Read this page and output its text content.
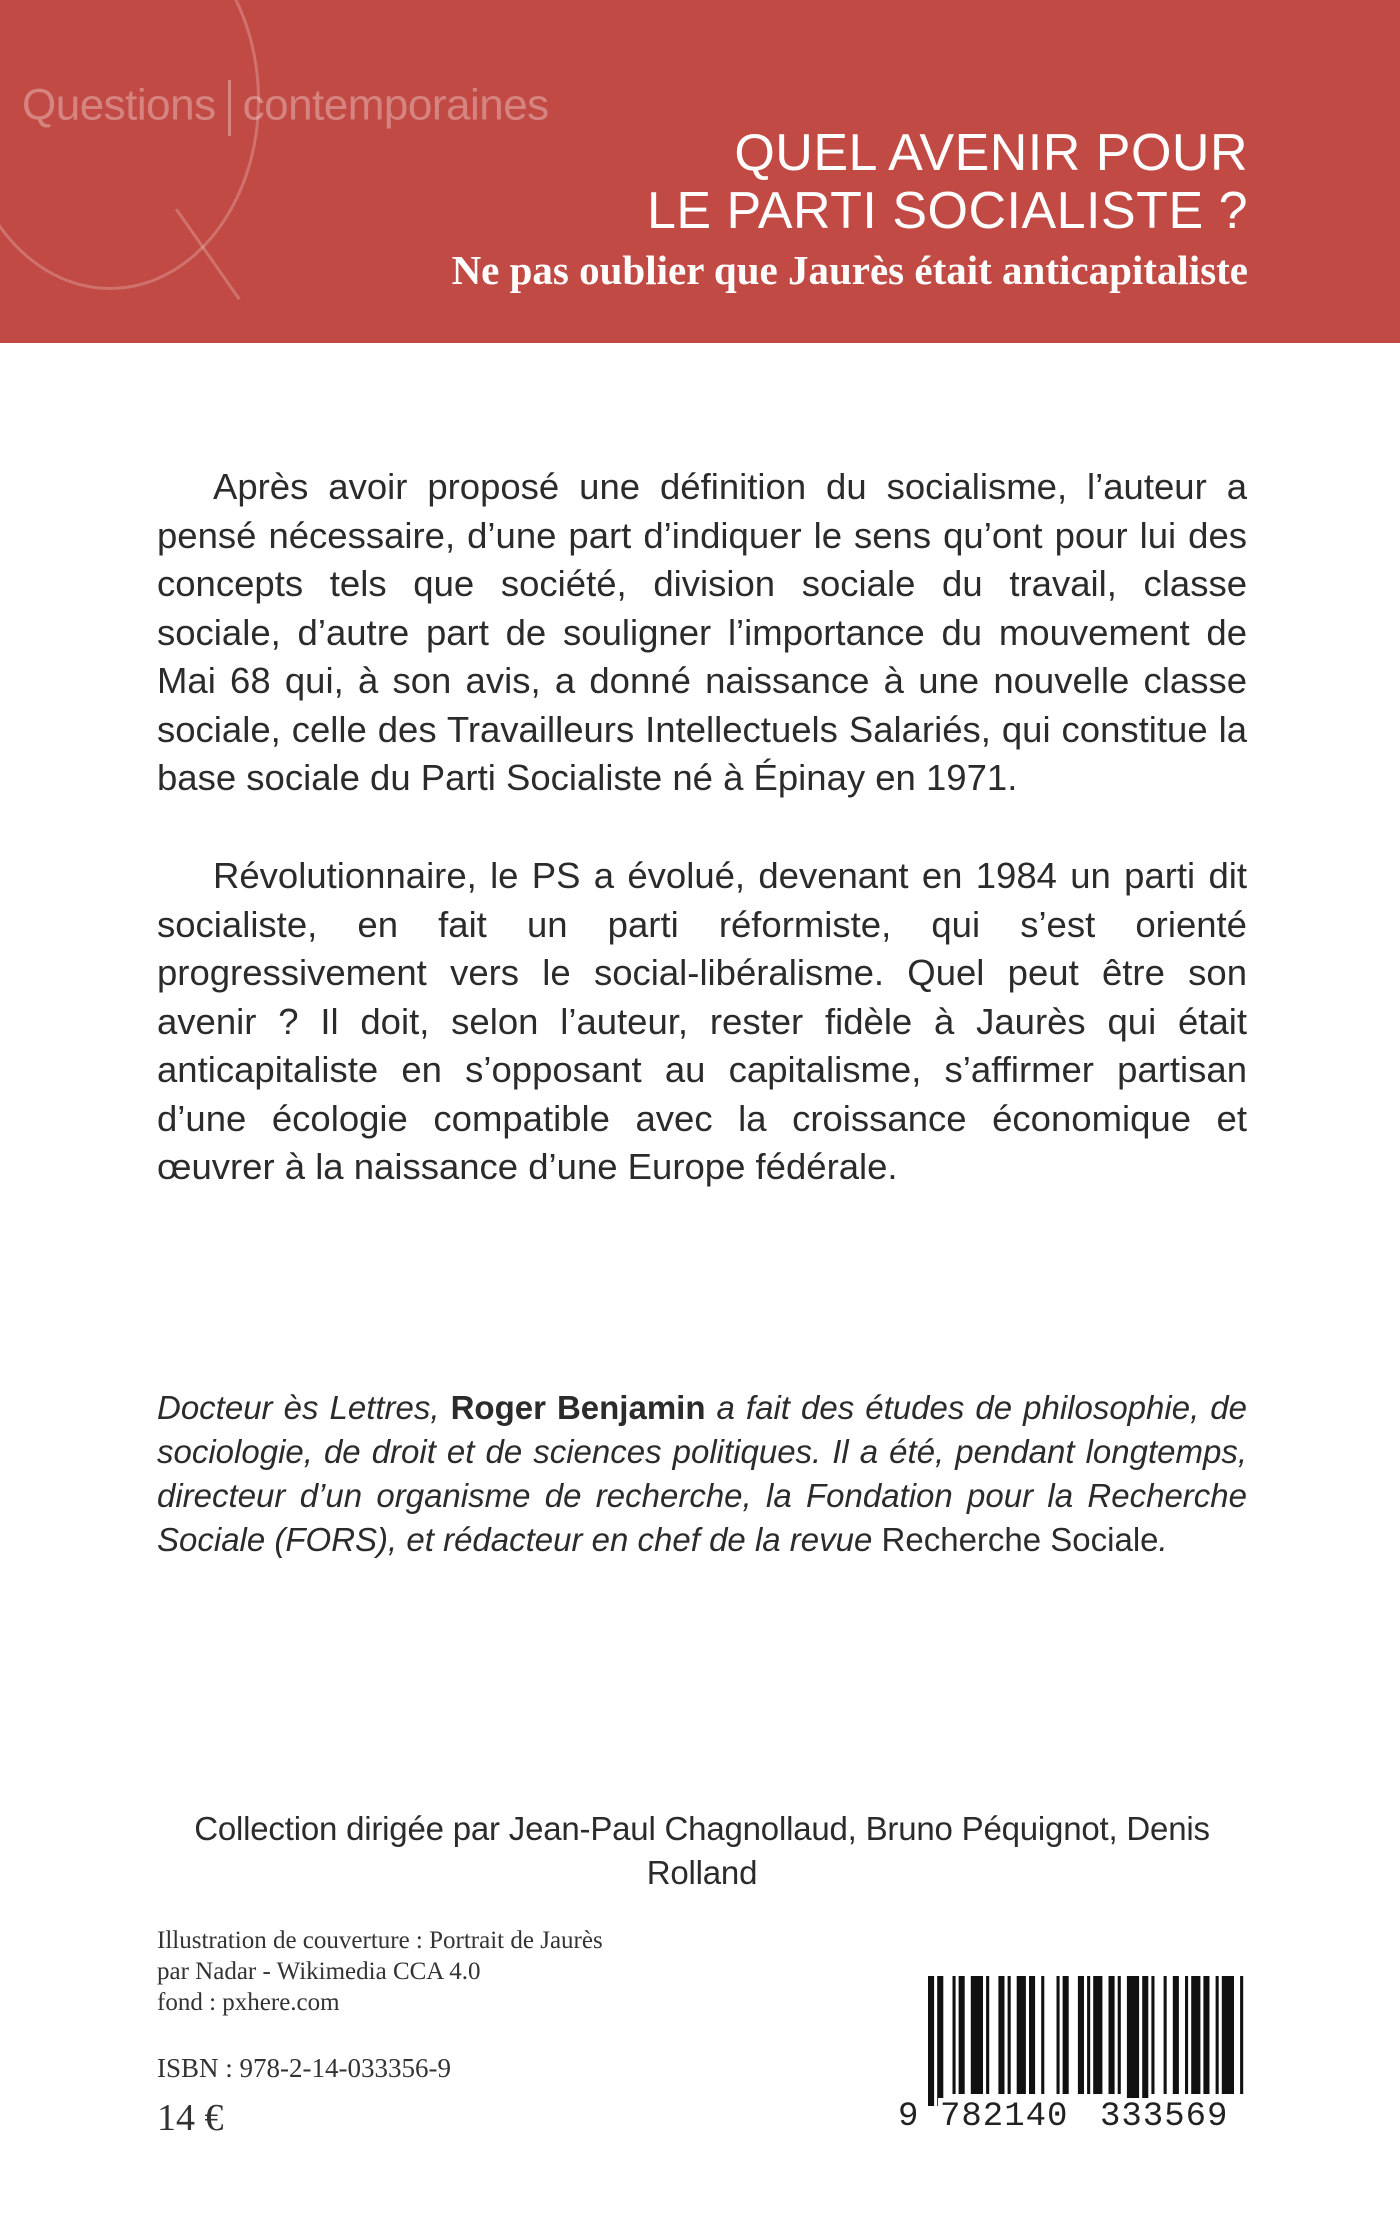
Questions contemporaines
QUEL AVENIR POUR
LE PARTI SOCIALISTE ?
Ne pas oublier que Jaurès était anticapitaliste

Après avoir proposé une définition du socialisme, l’auteur a pensé nécessaire, d’une part d’indiquer le sens qu’ont pour lui des concepts tels que société, division sociale du travail, classe sociale, d’autre part de souligner l’importance du mouvement de Mai 68 qui, à son avis, a donné naissance à une nouvelle classe sociale, celle des Travailleurs Intellectuels Salariés, qui constitue la base sociale du Parti Socialiste né à Épinay en 1971.

Révolutionnaire, le PS a évolué, devenant en 1984 un parti dit socialiste, en fait un parti réformiste, qui s’est orienté progressivement vers le social-libéralisme. Quel peut être son avenir ? Il doit, selon l’auteur, rester fidèle à Jaurès qui était anticapitaliste en s’opposant au capitalisme, s’affirmer partisan d’une écologie compatible avec la croissance économique et œuvrer à la naissance d’une Europe fédérale.

Docteur ès Lettres, Roger Benjamin a fait des études de philosophie, de sociologie, de droit et de sciences politiques. Il a été, pendant longtemps, directeur d’un organisme de recherche, la Fondation pour la Recherche Sociale (FORS), et rédacteur en chef de la revue Recherche Sociale.
Collection dirigée par Jean-Paul Chagnollaud, Bruno Péquignot, Denis Rolland
Illustration de couverture : Portrait de Jaurès
par Nadar - Wikimedia CCA 4.0
fond : pxhere.com
ISBN : 978-2-14-033356-9
14 €	9 782140 333569
